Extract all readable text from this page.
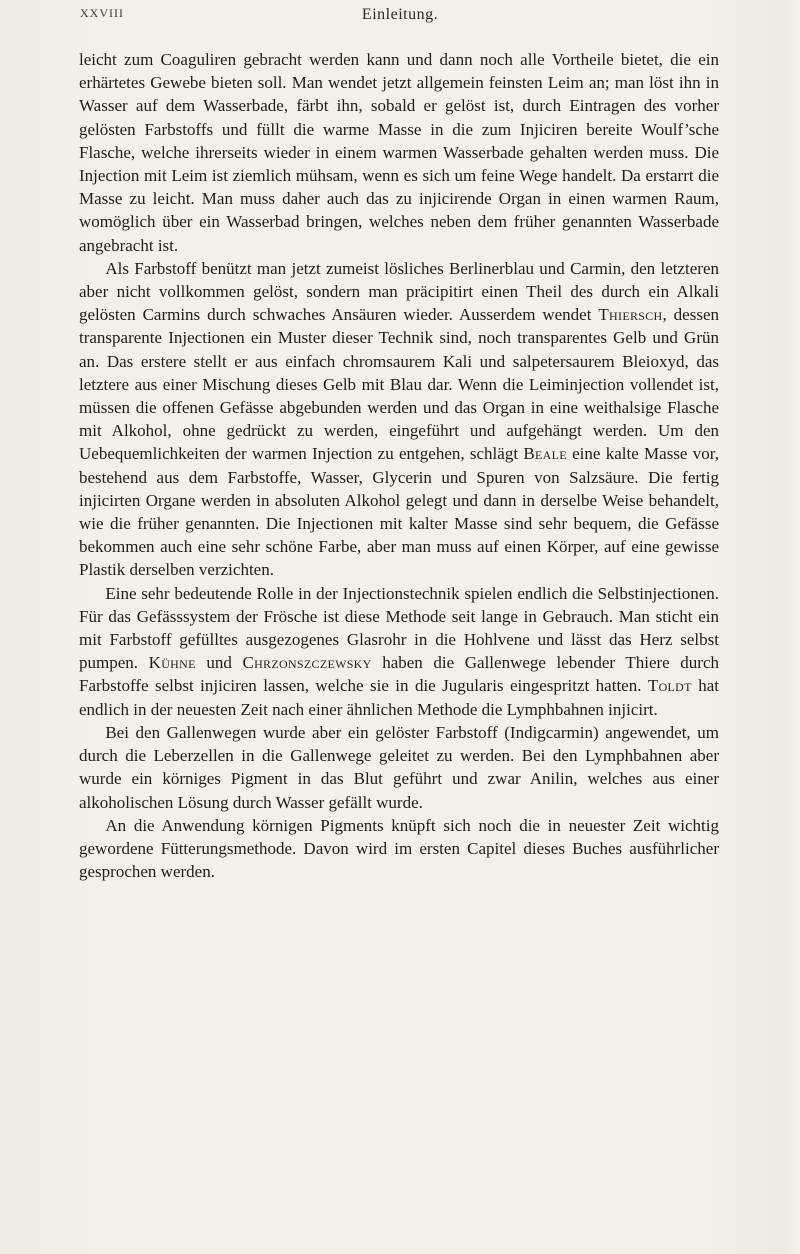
XXVIII	Einleitung.

leicht zum Coaguliren gebracht werden kann und dann noch alle Vortheile bietet, die ein erhärtetes Gewebe bieten soll. Man wendet jetzt allgemein feinsten Leim an; man löst ihn in Wasser auf dem Wasserbade, färbt ihn, sobald er gelöst ist, durch Eintragen des vorher gelösten Farbstoffs und füllt die warme Masse in die zum Injiciren bereite Woulf’sche Flasche, welche ihrerseits wieder in einem warmen Wasserbade gehalten werden muss. Die Injection mit Leim ist ziemlich mühsam, wenn es sich um feine Wege handelt. Da erstarrt die Masse zu leicht. Man muss daher auch das zu injicirende Organ in einen warmen Raum, womöglich über ein Wasserbad bringen, welches neben dem früher genannten Wasserbade angebracht ist.

Als Farbstoff benützt man jetzt zumeist lösliches Berlinerblau und Carmin, den letzteren aber nicht vollkommen gelöst, sondern man präcipitirt einen Theil des durch ein Alkali gelösten Carmins durch schwaches Ansäuren wieder. Ausserdem wendet Thiersch, dessen transparente Injectionen ein Muster dieser Technik sind, noch transparentes Gelb und Grün an. Das erstere stellt er aus einfach chromsaurem Kali und salpetersaurem Bleioxyd, das letztere aus einer Mischung dieses Gelb mit Blau dar. Wenn die Leiminjection vollendet ist, müssen die offenen Gefässe abgebunden werden und das Organ in eine weithalsige Flasche mit Alkohol, ohne gedrückt zu werden, eingeführt und aufgehängt werden. Um den Uebequemlichkeiten der warmen Injection zu entgehen, schlägt Beale eine kalte Masse vor, bestehend aus dem Farbstoffe, Wasser, Glycerin und Spuren von Salzsäure. Die fertig injicirten Organe werden in absoluten Alkohol gelegt und dann in derselbe Weise behandelt, wie die früher genannten. Die Injectionen mit kalter Masse sind sehr bequem, die Gefässe bekommen auch eine sehr schöne Farbe, aber man muss auf einen Körper, auf eine gewisse Plastik derselben verzichten.

Eine sehr bedeutende Rolle in der Injectionstechnik spielen endlich die Selbstinjectionen. Für das Gefässsystem der Frösche ist diese Methode seit lange in Gebrauch. Man sticht ein mit Farbstoff gefülltes ausgezogenes Glasrohr in die Hohlvene und lässt das Herz selbst pumpen. Kühne und Chrzonszczewsky haben die Gallenwege lebender Thiere durch Farbstoffe selbst injiciren lassen, welche sie in die Jugularis eingespritzt hatten. Toldt hat endlich in der neuesten Zeit nach einer ähnlichen Methode die Lymphbahnen injicirt.

Bei den Gallenwegen wurde aber ein gelöster Farbstoff (Indigcarmin) angewendet, um durch die Leberzellen in die Gallenwege geleitet zu werden. Bei den Lymphbahnen aber wurde ein körniges Pigment in das Blut geführt und zwar Anilin, welches aus einer alkoholischen Lösung durch Wasser gefällt wurde.

An die Anwendung körnigen Pigments knüpft sich noch die in neuester Zeit wichtig gewordene Fütterungsmethode. Davon wird im ersten Capitel dieses Buches ausführlicher gesprochen werden.
